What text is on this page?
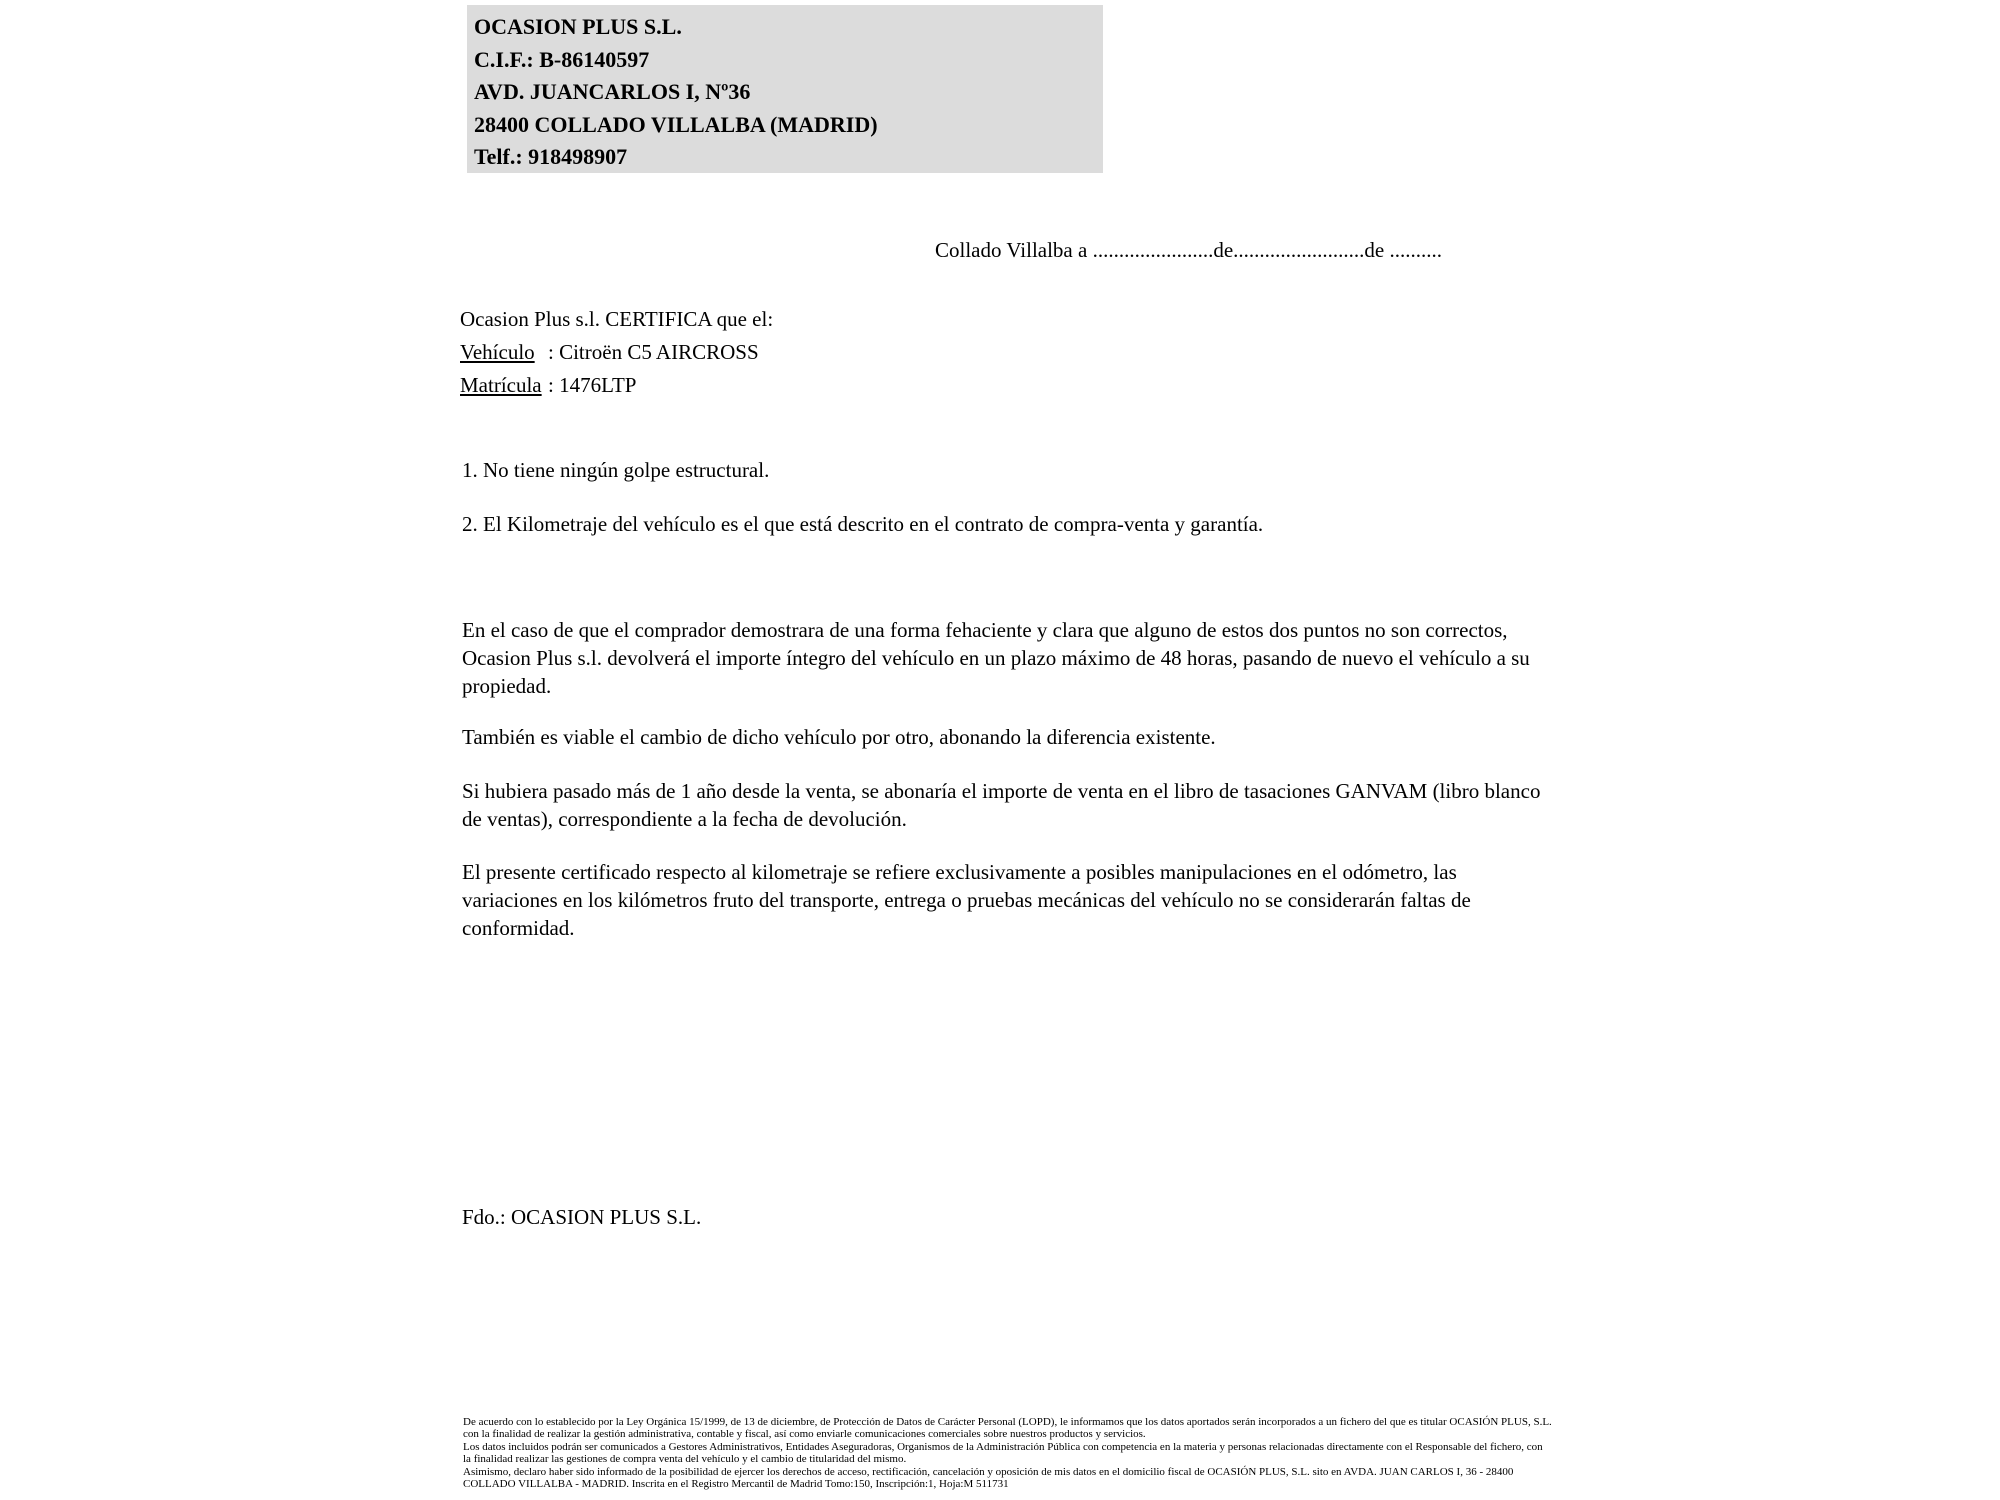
OCASION PLUS S.L.
C.I.F.: B-86140597
AVD. JUANCARLOS I, Nº36
28400 COLLADO VILLALBA (MADRID)
Telf.: 918498907
Collado Villalba a .......................de.........................de ..........
Ocasion Plus s.l. CERTIFICA que el:
Vehículo : Citroën C5 AIRCROSS
Matrícula : 1476LTP
1. No tiene ningún golpe estructural.
2. El Kilometraje del vehículo es el que está descrito en el contrato de compra-venta y garantía.
En el caso de que el comprador demostrara de una forma fehaciente y clara que alguno de estos dos puntos no son correctos, Ocasion Plus s.l. devolverá el importe íntegro del vehículo en un plazo máximo de 48 horas, pasando de nuevo el vehículo a su propiedad.
También es viable el cambio de dicho vehículo por otro, abonando la diferencia existente.
Si hubiera pasado más de 1 año desde la venta, se abonaría el importe de venta en el libro de tasaciones GANVAM (libro blanco de ventas), correspondiente a la fecha de devolución.
El presente certificado respecto al kilometraje se refiere exclusivamente a posibles manipulaciones en el odómetro, las variaciones en los kilómetros fruto del transporte, entrega o pruebas mecánicas del vehículo no se considerarán faltas de conformidad.
Fdo.: OCASION PLUS S.L.

De acuerdo con lo establecido por la Ley Orgánica 15/1999, de 13 de diciembre, de Protección de Datos de Carácter Personal (LOPD), le informamos que los datos aportados serán incorporados a un fichero del que es titular OCASIÓN PLUS, S.L. con la finalidad de realizar la gestión administrativa, contable y fiscal, así como enviarle comunicaciones comerciales sobre nuestros productos y servicios.

Los datos incluidos podrán ser comunicados a Gestores Administrativos, Entidades Aseguradoras, Organismos de la Administración Pública con competencia en la materia y personas relacionadas directamente con el Responsable del fichero, con la finalidad realizar las gestiones de compra venta del vehículo y el cambio de titularidad del mismo.

Asimismo, declaro haber sido informado de la posibilidad de ejercer los derechos de acceso, rectificación, cancelación y oposición de mis datos en el domicilio fiscal de OCASIÓN PLUS, S.L. sito en AVDA. JUAN CARLOS I, 36 - 28400 COLLADO VILLALBA - MADRID. Inscrita en el Registro Mercantil de Madrid Tomo:150, Inscripción:1, Hoja:M 511731
